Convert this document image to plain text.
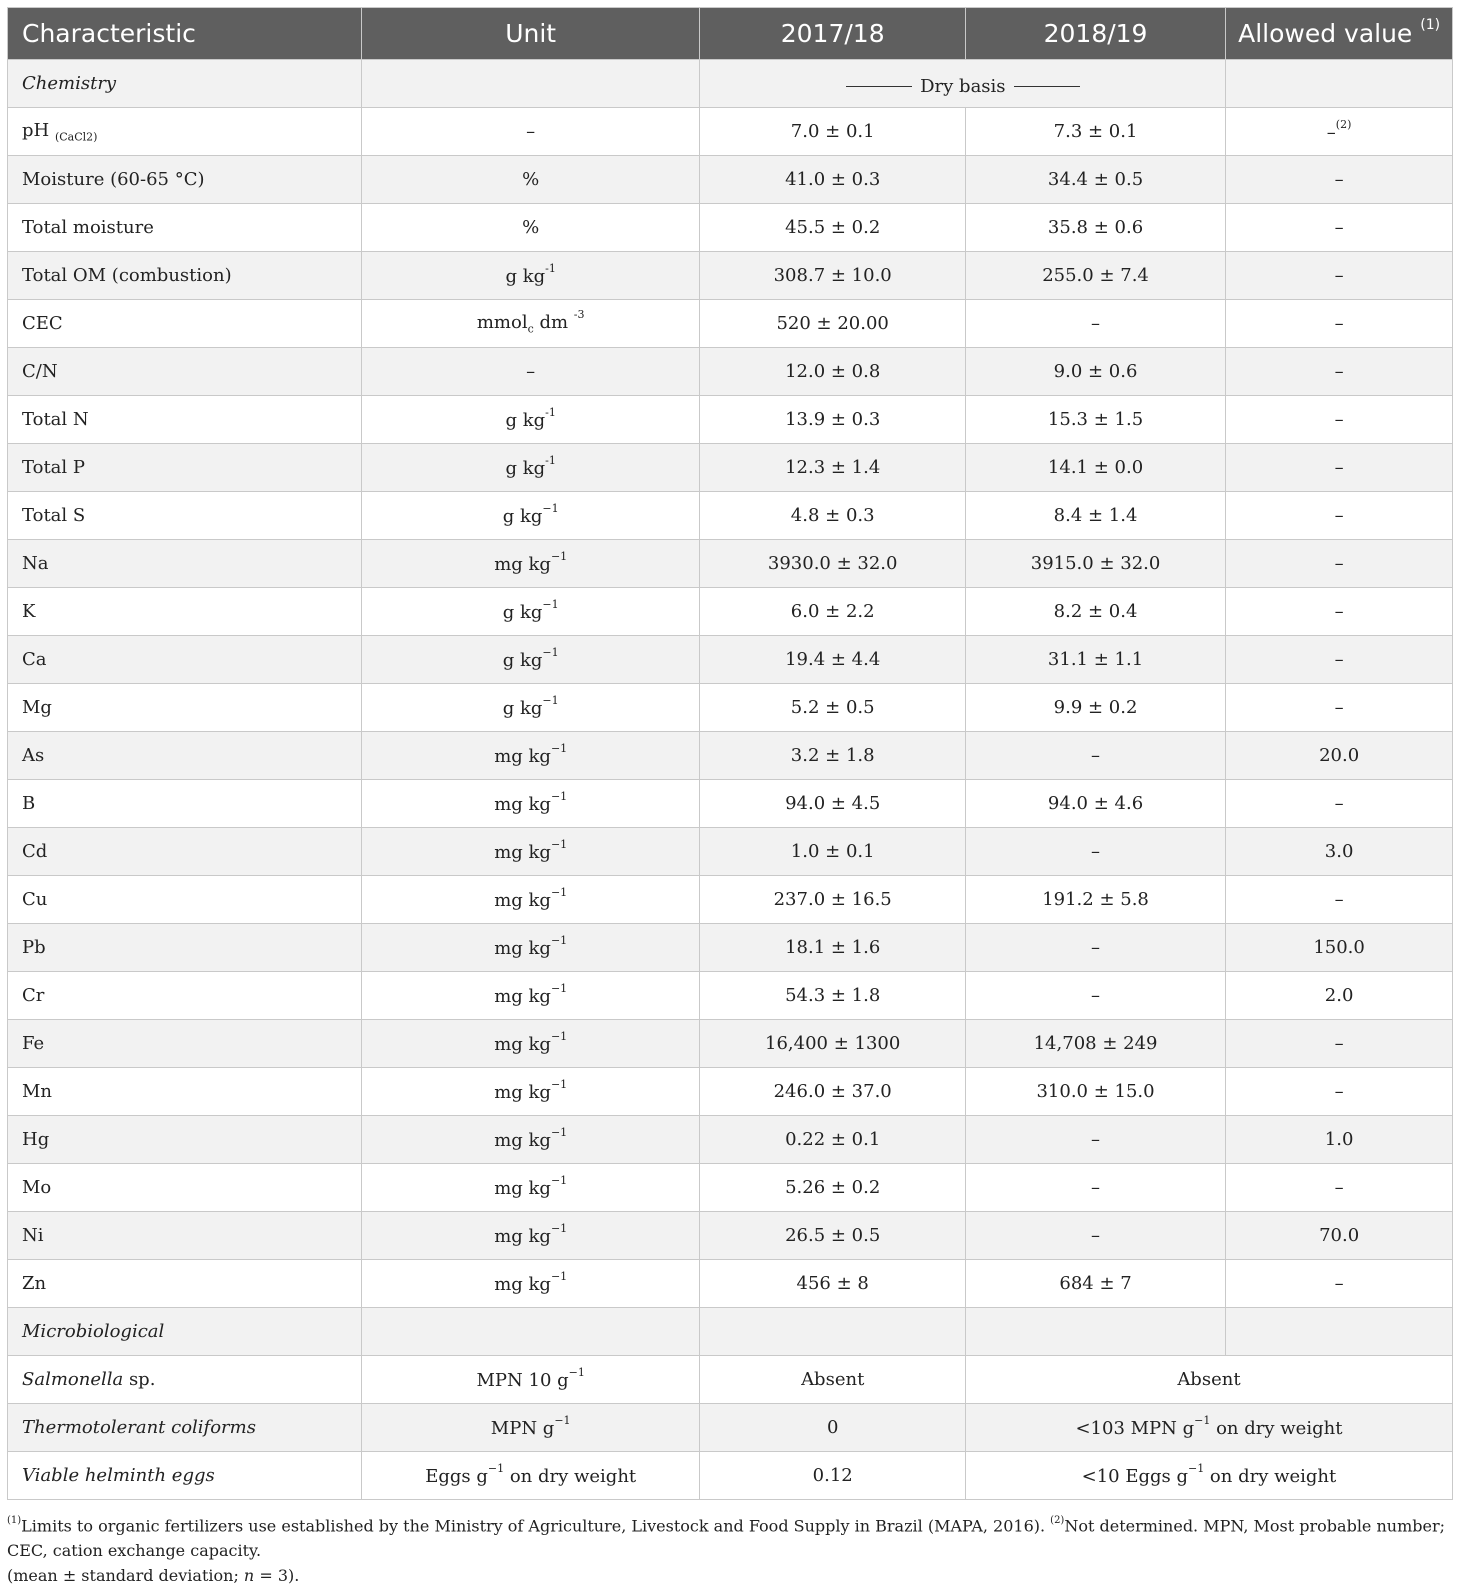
Characteristic	Unit	2017/18	2018/19	Allowed value $^{(1)}$
Chemistry		Dry basis		

pH $_{(CaCl2)}$	–	7.0 ± 0.1	7.3 ± 0.1	–$^{(2)}$
Moisture (60-65 °C)	%	41.0 ± 0.3	34.4 ± 0.5	–
Total moisture	%	45.5 ± 0.2	35.8 ± 0.6	–
Total OM (combustion)	g $kg^{-1}$	308.7 ± 10.0	255.0 ± 7.4	–
CEC	mmol$_c$ dm $^{-3}$	520 ± 20.00	–	–
C/N	–	12.0 ± 0.8	9.0 ± 0.6	–
Total N	g $kg^{-1}$	13.9 ± 0.3	15.3 ± 1.5	–
Total P	g $kg^{-1}$	12.3 ± 1.4	14.1 ± 0.0	–
Total S	g $kg^{-1}$	4.8 ± 0.3	8.4 ± 1.4	–
Na	mg $kg^{-1}$	3930.0 ± 32.0	3915.0 ± 32.0	–
K	g $kg^{-1}$	6.0 ± 2.2	8.2 ± 0.4	–
Ca	g $kg^{-1}$	19.4 ± 4.4	31.1 ± 1.1	–
Mg	g $kg^{-1}$	5.2 ± 0.5	9.9 ± 0.2	–
As	mg $kg^{-1}$	3.2 ± 1.8	–	20.0
B	mg $kg^{-1}$	94.0 ± 4.5	94.0 ± 4.6	–
Cd	mg $kg^{-1}$	1.0 ± 0.1	–	3.0
Cu	mg $kg^{-1}$	237.0 ± 16.5	191.2 ± 5.8	–
Pb	mg $kg^{-1}$	18.1 ± 1.6	–	150.0
Cr	mg $kg^{-1}$	54.3 ± 1.8	–	2.0
Fe	mg $kg^{-1}$	16,400 ± 1300	14,708 ± 249	–
Mn	mg $kg^{-1}$	246.0 ± 37.0	310.0 ± 15.0	–
Hg	mg $kg^{-1}$	0.22 ± 0.1	–	1.0
Mo	mg $kg^{-1}$	5.26 ± 0.2	–	–
Ni	mg $kg^{-1}$	26.5 ± 0.5	–	70.0
Zn	mg $kg^{-1}$	456 ± 8	684 ± 7	–
Microbiological				
Salmonella sp.	MPN 10 $g^{-1}$	Absent	Absent	
Thermotolerant coliforms	MPN $g^{-1}$	0	<103 MPN $g^{-1}$ on dry weight	
Viable helminth eggs	Eggs $g^{-1}$ on dry weight	0.12	<10 Eggs $g^{-1}$ on dry weight	
$^{(1)}$Limits to organic fertilizers use established by the Ministry of Agriculture, Livestock and Food Supply in Brazil (MAPA, 2016). $^{(2)}$Not determined. MPN, Most probable number; CEC, cation exchange capacity.
(mean ± standard deviation; n = 3).
